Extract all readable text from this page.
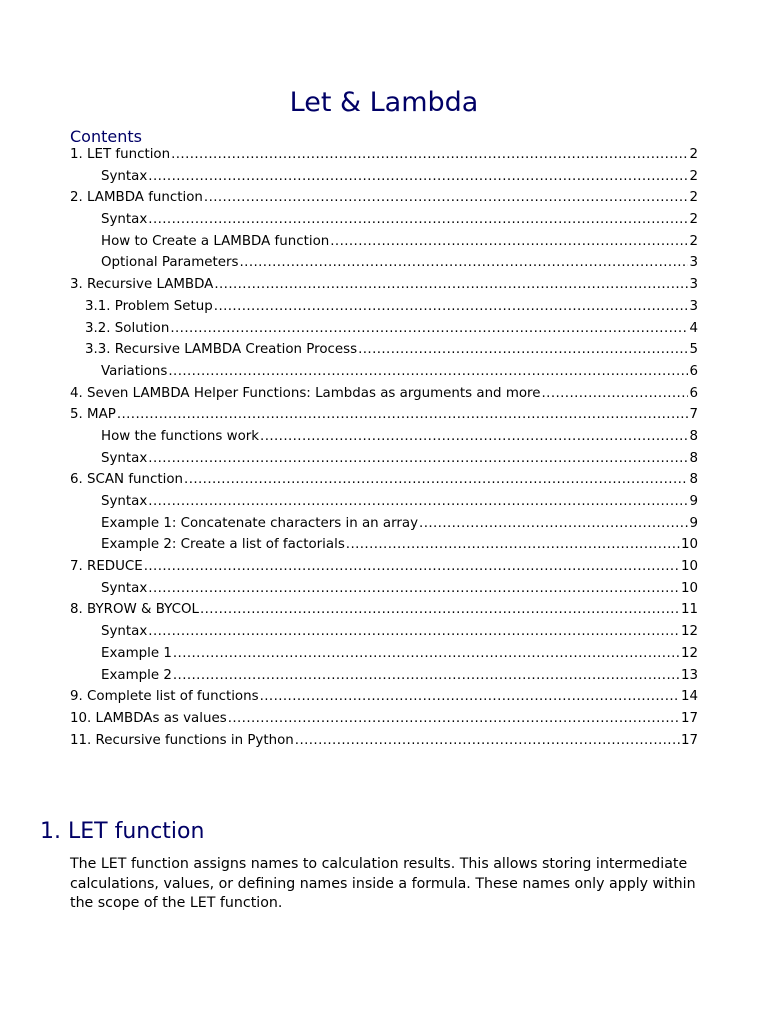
Let & Lambda
Contents
1. LET function .....	2
Syntax .....	2
2. LAMBDA function .....	2
Syntax .....	2
How to Create a LAMBDA function .....	2
Optional Parameters .....	3
3. Recursive LAMBDA .....	3
3.1. Problem Setup .....	3
3.2. Solution .....	4
3.3. Recursive LAMBDA Creation Process .....	5
Variations .....	6
4. Seven LAMBDA Helper Functions: Lambdas as arguments and more .....	6
5. MAP .....	7
How the functions work .....	8
Syntax .....	8
6. SCAN function .....	8
Syntax .....	9
Example 1: Concatenate characters in an array .....	9
Example 2: Create a list of factorials .....	10
7. REDUCE .....	10
Syntax .....	10
8. BYROW & BYCOL .....	11
Syntax .....	12
Example 1 .....	12
Example 2 .....	13
9. Complete list of functions .....	14
10. LAMBDAs as values .....	17
11. Recursive functions in Python .....	17
1. LET function
The LET function assigns names to calculation results. This allows storing intermediate calculations, values, or defining names inside a formula. These names only apply within the scope of the LET function.
